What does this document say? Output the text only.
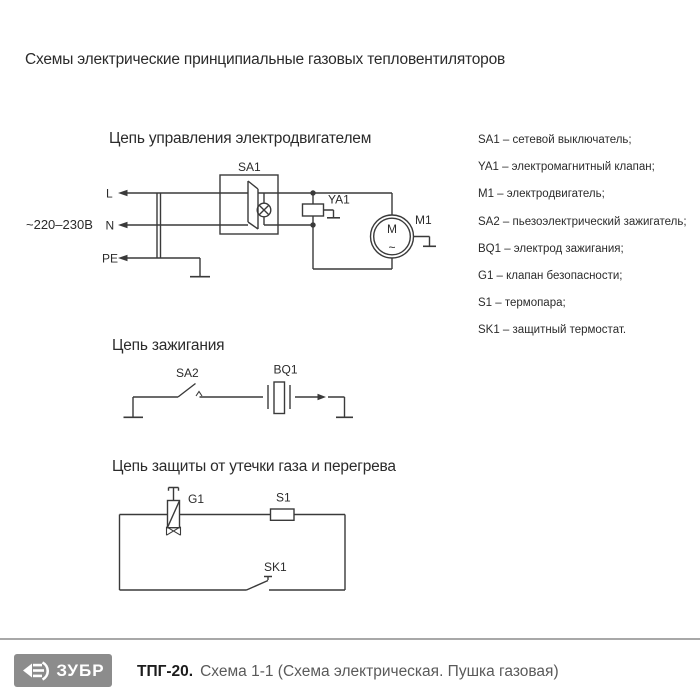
Схемы электрические принципиальные газовых тепловентиляторов
Цепь управления электродвигателем
~220–230В
L
N
PE
SA1
YA1
M1
M
~
SA1 – сетевой выключатель;
YA1 – электромагнитный клапан;
M1 – электродвигатель;
SA2 – пьезоэлектрический зажигатель;
BQ1 – электрод зажигания;
G1 – клапан безопасности;
S1 – термопара;
SK1 – защитный термостат.
Цепь зажигания
SA2	BQ1
Цепь защиты от утечки газа и перегрева
G1	S1
SK1
ЗУБР ТПГ-20. Схема 1-1 (Схема электрическая. Пушка газовая)
